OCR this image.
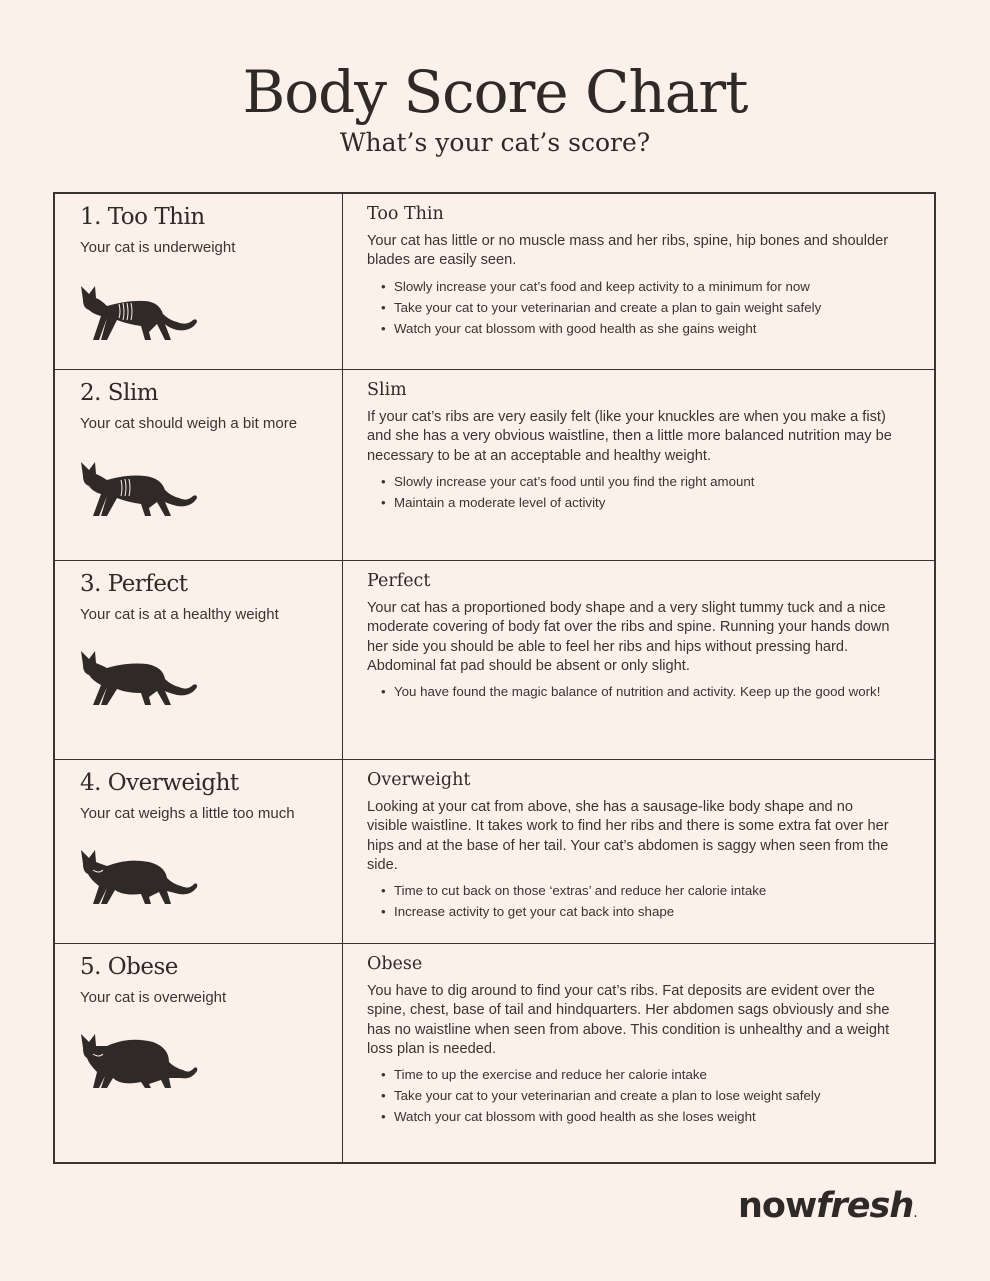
Body Score Chart
What’s your cat’s score?
1. Too Thin
Your cat is underweight
Too Thin
Your cat has little or no muscle mass and her ribs, spine, hip bones and shoulder blades are easily seen.
• Slowly increase your cat’s food and keep activity to a minimum for now
• Take your cat to your veterinarian and create a plan to gain weight safely
• Watch your cat blossom with good health as she gains weight
2. Slim
Your cat should weigh a bit more
Slim
If your cat’s ribs are very easily felt (like your knuckles are when you make a fist) and she has a very obvious waistline, then a little more balanced nutrition may be necessary to be at an acceptable and healthy weight.
• Slowly increase your cat’s food until you find the right amount
• Maintain a moderate level of activity
3. Perfect
Your cat is at a healthy weight
Perfect
Your cat has a proportioned body shape and a very slight tummy tuck and a nice moderate covering of body fat over the ribs and spine. Running your hands down her side you should be able to feel her ribs and hips without pressing hard. Abdominal fat pad should be absent or only slight.
• You have found the magic balance of nutrition and activity. Keep up the good work!
4. Overweight
Your cat weighs a little too much
Overweight
Looking at your cat from above, she has a sausage-like body shape and no visible waistline. It takes work to find her ribs and there is some extra fat over her hips and at the base of her tail. Your cat’s abdomen is saggy when seen from the side.
• Time to cut back on those ‘extras’ and reduce her calorie intake
• Increase activity to get your cat back into shape
5. Obese
Your cat is overweight
Obese
You have to dig around to find your cat’s ribs. Fat deposits are evident over the spine, chest, base of tail and hindquarters. Her abdomen sags obviously and she has no waistline when seen from above. This condition is unhealthy and a weight loss plan is needed.
• Time to up the exercise and reduce her calorie intake
• Take your cat to your veterinarian and create a plan to lose weight safely
• Watch your cat blossom with good health as she loses weight
nowfresh.
